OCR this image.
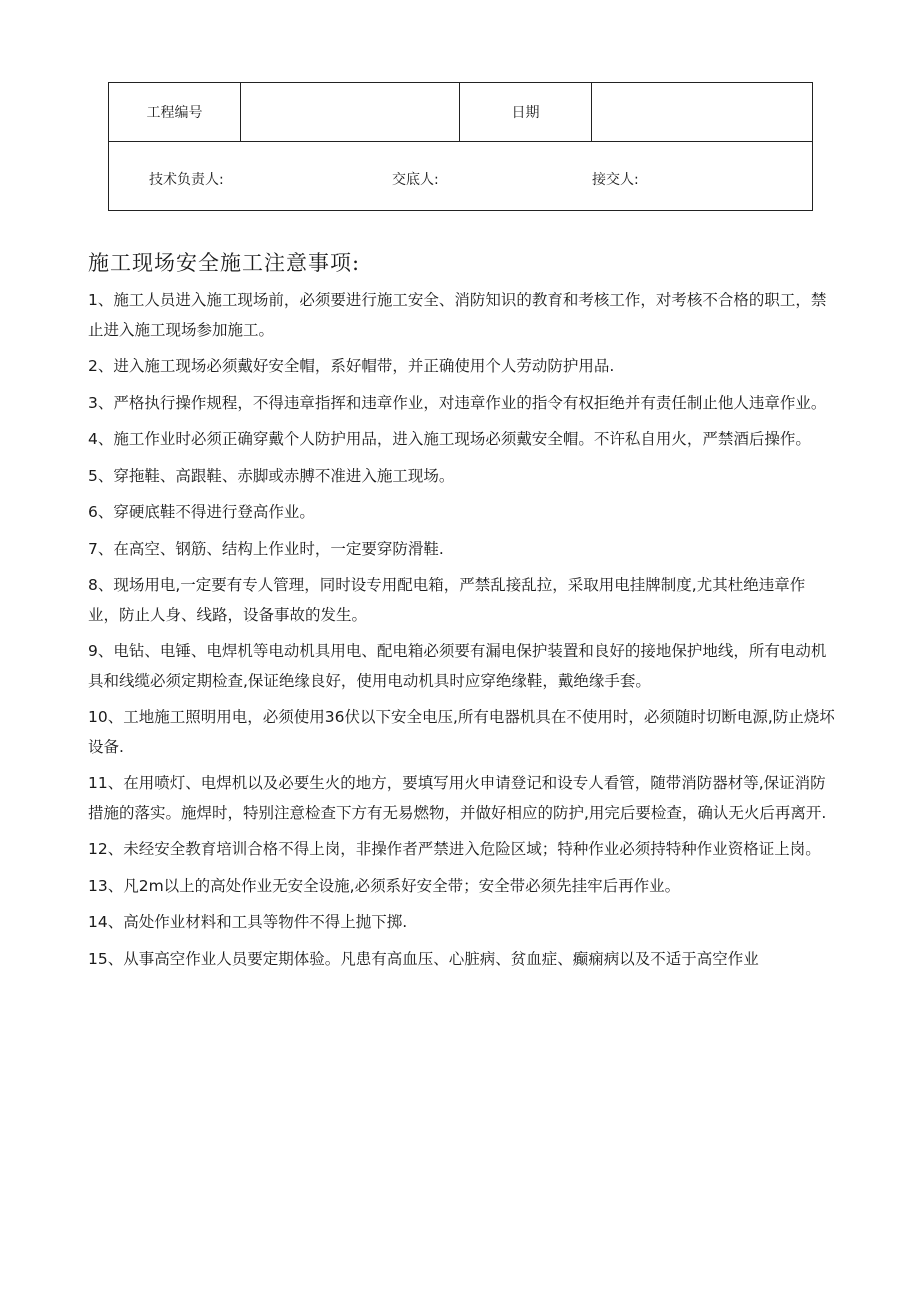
工程编号		日期	

技术负责人:	交底人:	接交人:
施工现场安全施工注意事项:
1、施工人员进入施工现场前，必须要进行施工安全、消防知识的教育和考核工作，对考核不合格的职工，禁止进入施工现场参加施工。
2、进入施工现场必须戴好安全帽，系好帽带，并正确使用个人劳动防护用品.
3、严格执行操作规程，不得违章指挥和违章作业，对违章作业的指令有权拒绝并有责任制止他人违章作业。
4、施工作业时必须正确穿戴个人防护用品，进入施工现场必须戴安全帽。不许私自用火，严禁酒后操作。
5、穿拖鞋、高跟鞋、赤脚或赤膊不准进入施工现场。
6、穿硬底鞋不得进行登高作业。
7、在高空、钢筋、结构上作业时，一定要穿防滑鞋.
8、现场用电,一定要有专人管理，同时设专用配电箱，严禁乱接乱拉，采取用电挂牌制度,尤其杜绝违章作业，防止人身、线路，设备事故的发生。
9、电钻、电锤、电焊机等电动机具用电、配电箱必须要有漏电保护装置和良好的接地保护地线，所有电动机具和线缆必须定期检查,保证绝缘良好，使用电动机具时应穿绝缘鞋，戴绝缘手套。
10、工地施工照明用电，必须使用36伏以下安全电压,所有电器机具在不使用时，必须随时切断电源,防止烧坏设备.
11、在用喷灯、电焊机以及必要生火的地方，要填写用火申请登记和设专人看管，随带消防器材等,保证消防措施的落实。施焊时，特别注意检查下方有无易燃物，并做好相应的防护,用完后要检查，确认无火后再离开.
12、未经安全教育培训合格不得上岗，非操作者严禁进入危险区域；特种作业必须持特种作业资格证上岗。
13、凡2m以上的高处作业无安全设施,必须系好安全带；安全带必须先挂牢后再作业。
14、高处作业材料和工具等物件不得上抛下掷.
15、从事高空作业人员要定期体验。凡患有高血压、心脏病、贫血症、癫痫病以及不适于高空作业
